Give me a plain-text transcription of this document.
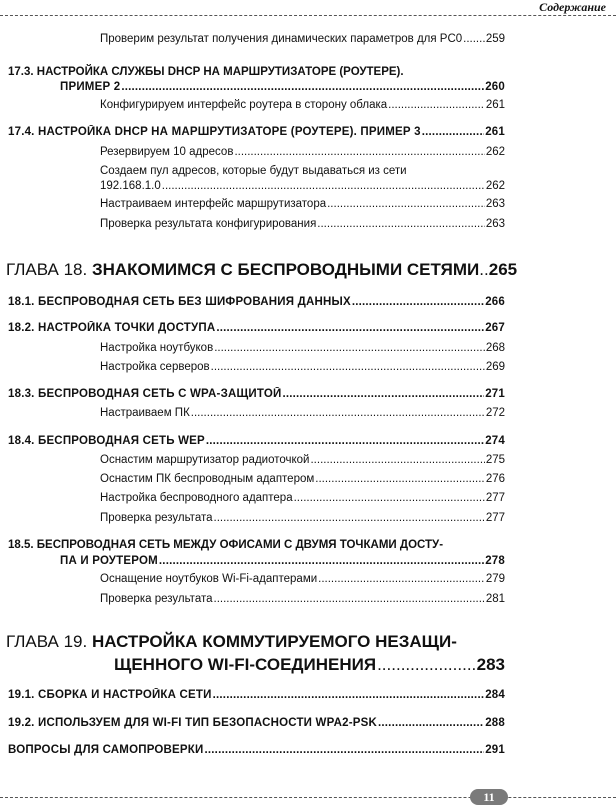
Содержание
Проверим результат получения динамических параметров для PC0 ..... 259
17.3. НАСТРОЙКА СЛУЖБЫ DHCP НА МАРШРУТИЗАТОРЕ (РОУТЕРЕ).
ПРИМЕР 2 .....	260
Конфигурируем интерфейс роутера в сторону облака .....	261
17.4. НАСТРОЙКА DHCP НА МАРШРУТИЗАТОРЕ (РОУТЕРЕ). ПРИМЕР 3 .....	261
Резервируем 10 адресов .....	262
Создаем пул адресов, которые будут выдаваться из сети
192.168.1.0 .....	262
Настраиваем интерфейс маршрутизатора .....	263
Проверка результата конфигурирования .....	263
ГЛАВА 18. ЗНАКОМИМСЯ С БЕСПРОВОДНЫМИ СЕТЯМИ..265
18.1. БЕСПРОВОДНАЯ СЕТЬ БЕЗ ШИФРОВАНИЯ ДАННЫХ .....	266
18.2. НАСТРОЙКА ТОЧКИ ДОСТУПА .....	267
Настройка ноутбуков .....	268
Настройка серверов .....	269
18.3. БЕСПРОВОДНАЯ СЕТЬ С WPA-ЗАЩИТОЙ .....	271
Настраиваем ПК .....	272
18.4. БЕСПРОВОДНАЯ СЕТЬ WEP .....	274
Оснастим маршрутизатор радиоточкой .....	275
Оснастим ПК беспроводным адаптером .....	276
Настройка беспроводного адаптера .....	277
Проверка результата .....	277
18.5. БЕСПРОВОДНАЯ СЕТЬ МЕЖДУ ОФИСАМИ С ДВУМЯ ТОЧКАМИ ДОСТУ-
ПА И РОУТЕРОМ .....	278
Оснащение ноутбуков Wi-Fi-адаптерами .....	279
Проверка результата .....	281
ГЛАВА 19. НАСТРОЙКА КОММУТИРУЕМОГО НЕЗАЩИ-
ЩЕННОГО WI-FI-СОЕДИНЕНИЯ .....	283
19.1. СБОРКА И НАСТРОЙКА СЕТИ .....	284
19.2. ИСПОЛЬЗУЕМ ДЛЯ WI-FI ТИП БЕЗОПАСНОСТИ WPA2-PSK .....	288
ВОПРОСЫ ДЛЯ САМОПРОВЕРКИ .....	291
11
